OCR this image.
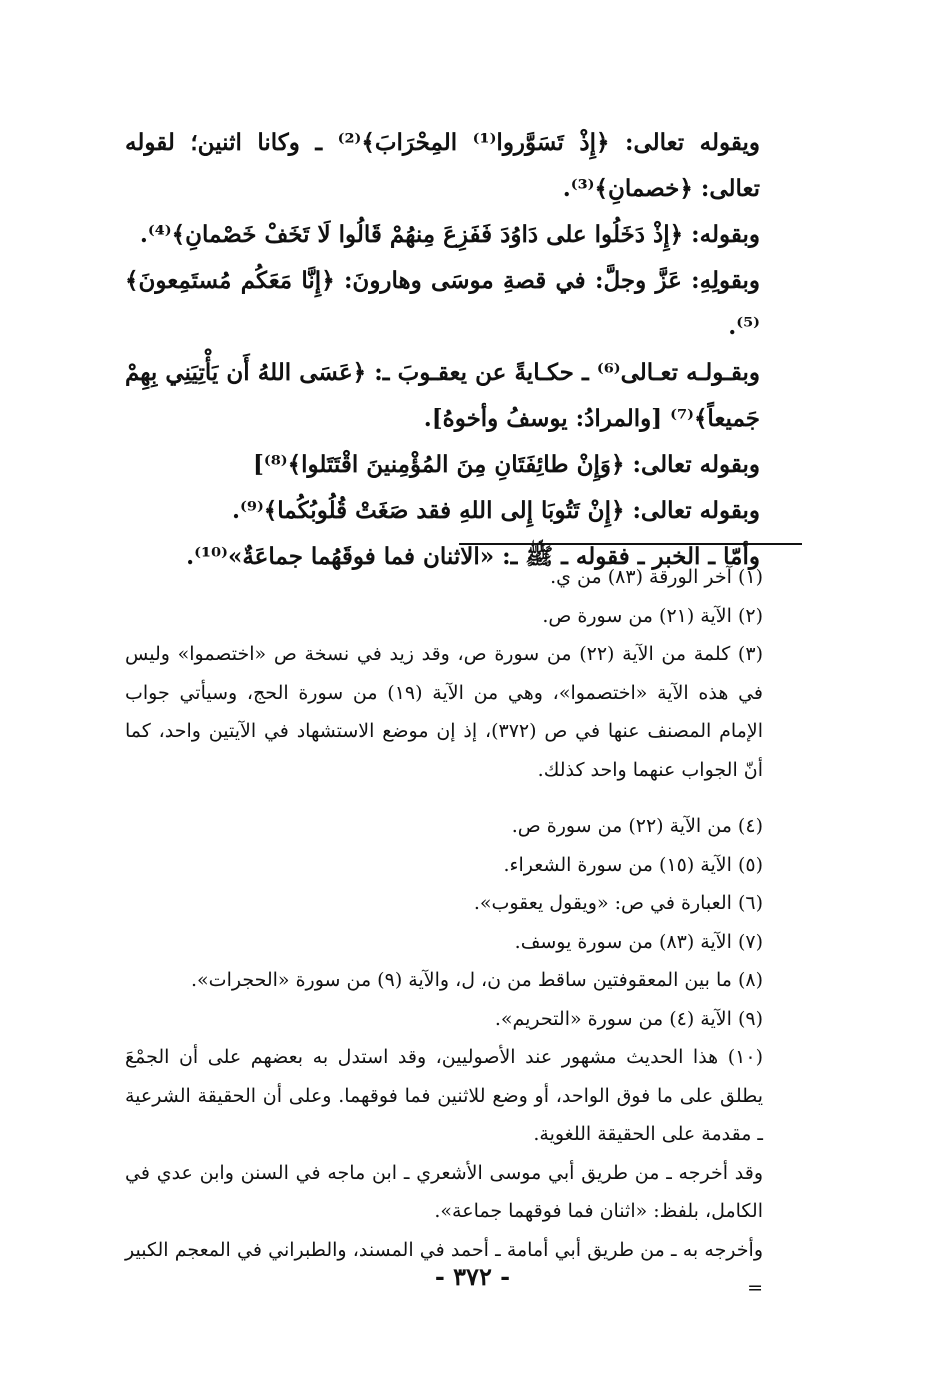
ويقوله تعالى: ﴿إِذْ تَسَوَّروا⁽¹⁾ المِحْرَابَ﴾⁽²⁾ ـ وكانا اثنين؛ لقوله تعالى: ﴿خصمانِ﴾⁽³⁾.

وبقوله: ﴿إِذْ دَخَلُوا على دَاوُدَ فَفَزِعَ مِنهُمْ قَالُوا لَا تَخَفْ خَصْمانِ﴾⁽⁴⁾.

وبقولِهِ: عَزَّ وجلَّ: في قصةِ موسَى وهارونَ: ﴿إِنَّا مَعَكُم مُستَمِعونَ﴾⁽⁵⁾.

وبقـولـه تعـالى⁽⁶⁾ ـ حكـايةً عن يعقـوبَ ـ: ﴿عَسَى اللهُ أَن يَأْتِيَنِي بِهِمْ جَميعاً﴾⁽⁷⁾ [والمرادُ: يوسفُ وأخوهُ].

وبقوله تعالى: ﴿وَإِنْ طائِفَتَانِ مِنَ المُؤْمِنينَ اقْتَتَلوا﴾⁽⁸⁾]

وبقوله تعالى: ﴿إِنْ تَتُوبَا إِلى اللهِ فقد صَغَتْ قُلُوبُكُما﴾⁽⁹⁾.

وأمّا ـ الخبر ـ فقوله ـ ﷺ ـ: «الاثنان فما فوقَهُما جماعَةٌ»⁽¹⁰⁾.

(١) آخر الورقة (٨٣) من ي.

(٢) الآية (٢١) من سورة ص.

(٣) كلمة من الآية (٢٢) من سورة ص، وقد زيد في نسخة ص «اختصموا» وليس في هذه الآية «اختصموا»، وهي من الآية (١٩) من سورة الحج، وسيأتي جواب الإمام المصنف عنها في ص (٣٧٢)، إذ إن موضع الاستشهاد في الآيتين واحد، كما أنّ الجواب عنهما واحد كذلك.

(٤) من الآية (٢٢) من سورة ص.

(٥) الآية (١٥) من سورة الشعراء.

(٦) العبارة في ص: «ويقول يعقوب».

(٧) الآية (٨٣) من سورة يوسف.

(٨) ما بين المعقوفتين ساقط من ن، ل، والآية (٩) من سورة «الحجرات».

(٩) الآية (٤) من سورة «التحريم».

(١٠) هذا الحديث مشهور عند الأصوليين، وقد استدل به بعضهم على أن الجمْعَ يطلق على ما فوق الواحد، أو وضع للاثنين فما فوقهما. وعلى أن الحقيقة الشرعية ـ مقدمة على الحقيقة اللغوية.

وقد أخرجه ـ من طريق أبي موسى الأشعري ـ ابن ماجه في السنن وابن عدي في الكامل، بلفظ: «اثنان فما فوقهما جماعة».

وأخرجه به ـ من طريق أبي أمامة ـ أحمد في المسند، والطبراني في المعجم الكبير =

- ٣٧٢ -
